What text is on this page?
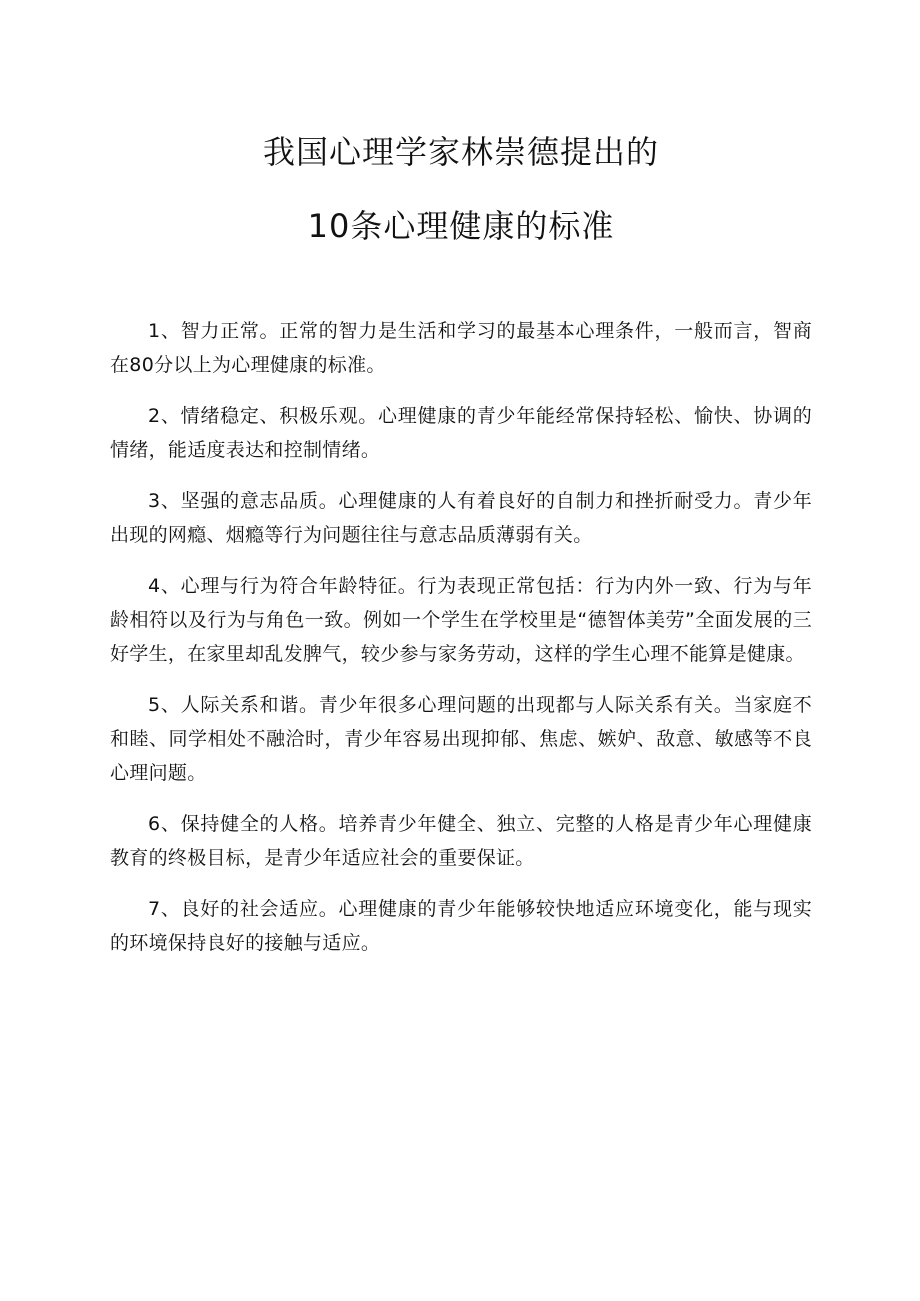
我国心理学家林崇德提出的
10条心理健康的标准

1、智力正常。正常的智力是生活和学习的最基本心理条件，一般而言，智商在80分以上为心理健康的标准。

2、情绪稳定、积极乐观。心理健康的青少年能经常保持轻松、愉快、协调的情绪，能适度表达和控制情绪。

3、坚强的意志品质。心理健康的人有着良好的自制力和挫折耐受力。青少年出现的网瘾、烟瘾等行为问题往往与意志品质薄弱有关。

4、心理与行为符合年龄特征。行为表现正常包括：行为内外一致、行为与年龄相符以及行为与角色一致。例如一个学生在学校里是“德智体美劳”全面发展的三好学生，在家里却乱发脾气，较少参与家务劳动，这样的学生心理不能算是健康。

5、人际关系和谐。青少年很多心理问题的出现都与人际关系有关。当家庭不和睦、同学相处不融洽时，青少年容易出现抑郁、焦虑、嫉妒、敌意、敏感等不良心理问题。

6、保持健全的人格。培养青少年健全、独立、完整的人格是青少年心理健康教育的终极目标，是青少年适应社会的重要保证。

7、良好的社会适应。心理健康的青少年能够较快地适应环境变化，能与现实的环境保持良好的接触与适应。
